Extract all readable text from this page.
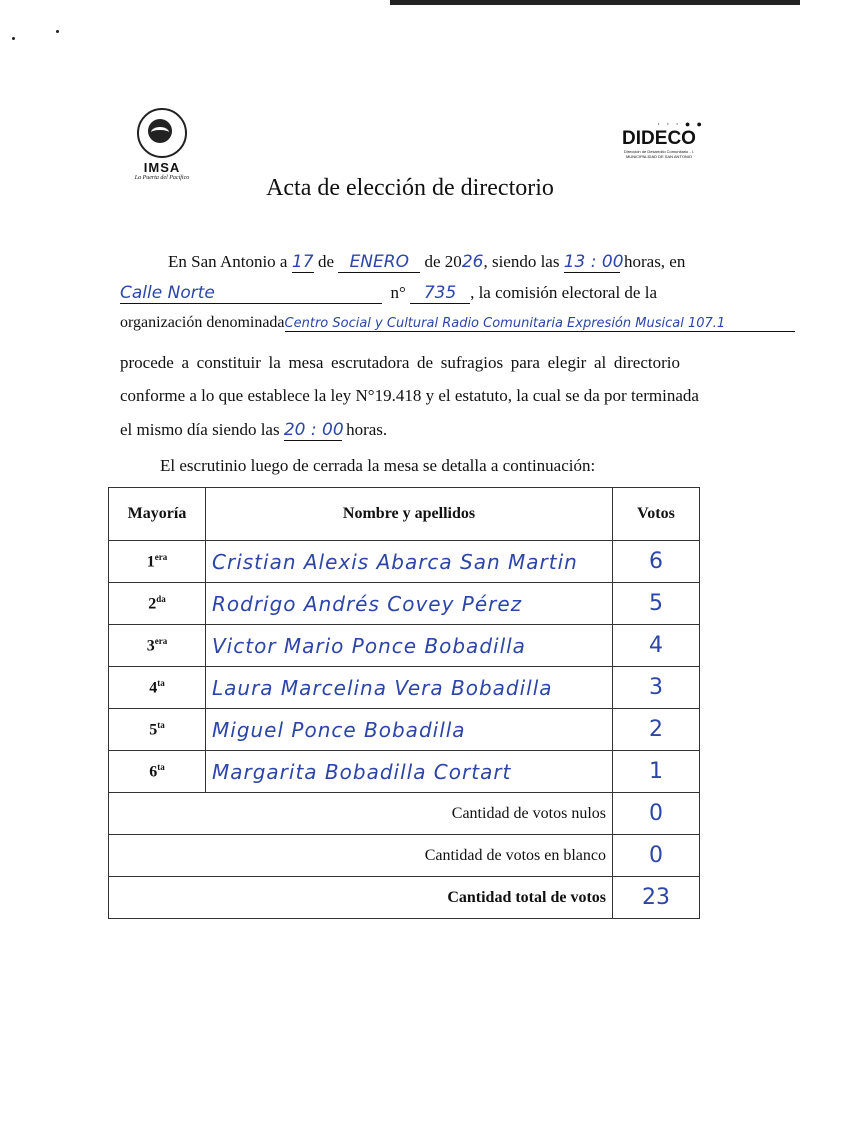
IMSA
La Puerta del Pacífico
· · · ● ●
DIDECO
Dirección de Desarrollo Comunitario - I. MUNICIPALIDAD DE SAN ANTONIO
Acta de elección de directorio
En San Antonio a 17 de ENERO de 2026, siendo las 13 : 00 horas, en
Calle Norte	n° 735 , la comisión electoral de la
organización denominadaCentro Social y Cultural Radio Comunitaria Expresión Musical 107.1
procede a constituir la mesa escrutadora de sufragios para elegir al directorio
conforme a lo que establece la ley N°19.418 y el estatuto, la cual se da por terminada
el mismo día siendo las 20 : 00 horas.
El escrutinio luego de cerrada la mesa se detalla a continuación:
Mayoría	Nombre y apellidos	Votos
$1^{era}$	Cristian Alexis Abarca San Martin	6
$2^{da}$	Rodrigo Andrés Covey Pérez	5
$3^{era}$	Victor Mario Ponce Bobadilla	4
$4^{ta}$	Laura Marcelina Vera Bobadilla	3
$5^{ta}$	Miguel Ponce Bobadilla	2
$6^{ta}$	Margarita Bobadilla Cortart	1
Cantidad de votos nulos		0
Cantidad de votos en blanco		0
Cantidad total de votos		23
